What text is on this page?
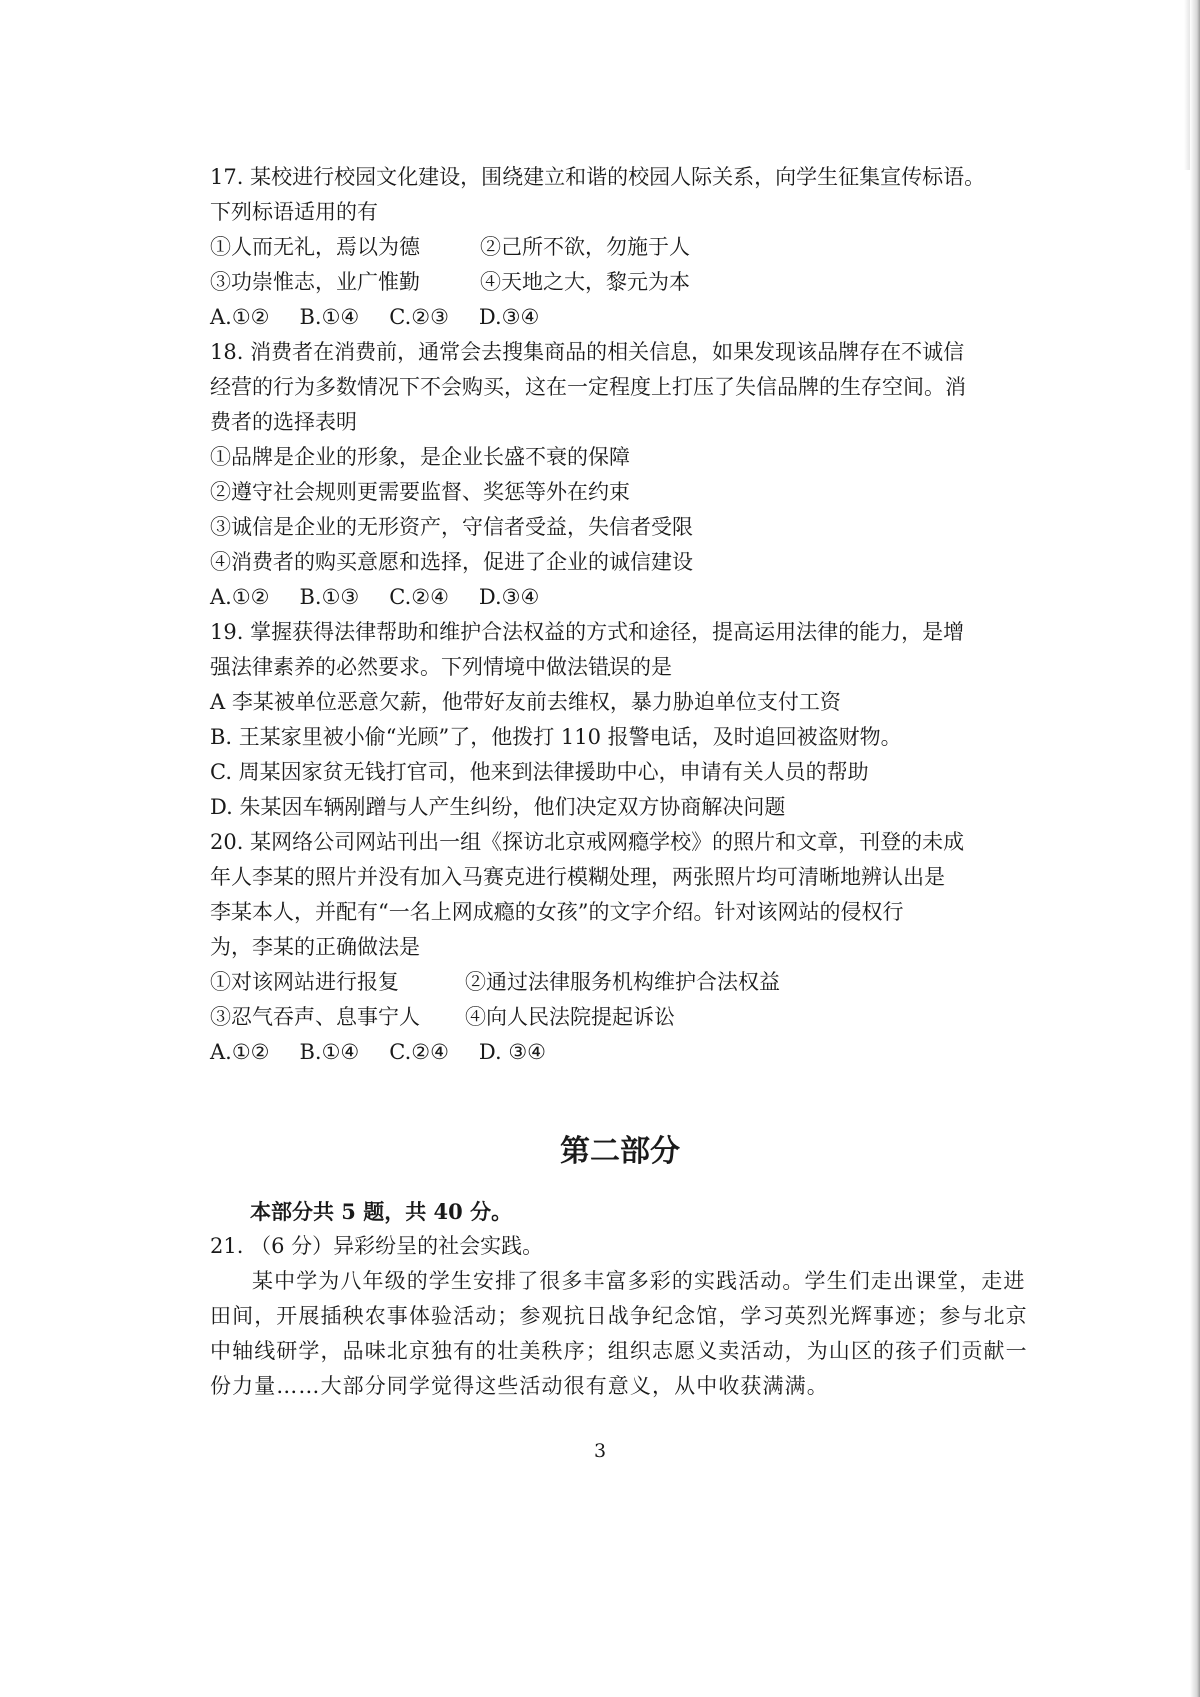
17. 某校进行校园文化建设，围绕建立和谐的校园人际关系，向学生征集宣传标语。

下列标语适用的有

①人而无礼，焉以为德	②己所不欲，勿施于人

③功崇惟志，业广惟勤	④天地之大，黎元为本

A.①② B.①④ C.②③ D.③④

18. 消费者在消费前，通常会去搜集商品的相关信息，如果发现该品牌存在不诚信

经营的行为多数情况下不会购买，这在一定程度上打压了失信品牌的生存空间。消

费者的选择表明

①品牌是企业的形象，是企业长盛不衰的保障

②遵守社会规则更需要监督、奖惩等外在约束

③诚信是企业的无形资产，守信者受益，失信者受限

④消费者的购买意愿和选择，促进了企业的诚信建设

A.①② B.①③ C.②④ D.③④

19. 掌握获得法律帮助和维护合法权益的方式和途径，提高运用法律的能力，是增

强法律素养的必然要求。下列情境中做法错误的是

A 李某被单位恶意欠薪，他带好友前去维权，暴力胁迫单位支付工资

B. 王某家里被小偷“光顾”了，他拨打 110 报警电话，及时追回被盗财物。

C. 周某因家贫无钱打官司，他来到法律援助中心，申请有关人员的帮助

D. 朱某因车辆剐蹭与人产生纠纷，他们决定双方协商解决问题

20. 某网络公司网站刊出一组《探访北京戒网瘾学校》的照片和文章，刊登的未成

年人李某的照片并没有加入马赛克进行模糊处理，两张照片均可清晰地辨认出是

李某本人，并配有“一名上网成瘾的女孩”的文字介绍。针对该网站的侵权行

为，李某的正确做法是

①对该网站进行报复	②通过法律服务机构维护合法权益

③忍气吞声、息事宁人 ④向人民法院提起诉讼

A.①② B.①④ C.②④ D. ③④

第二部分

本部分共 5 题，共 40 分。

21. （6 分）异彩纷呈的社会实践。

某中学为八年级的学生安排了很多丰富多彩的实践活动。学生们走出课堂，走进田间，开展插秧农事体验活动；参观抗日战争纪念馆，学习英烈光辉事迹；参与北京中轴线研学，品味北京独有的壮美秩序；组织志愿义卖活动，为山区的孩子们贡献一份力量……大部分同学觉得这些活动很有意义，从中收获满满。

3
